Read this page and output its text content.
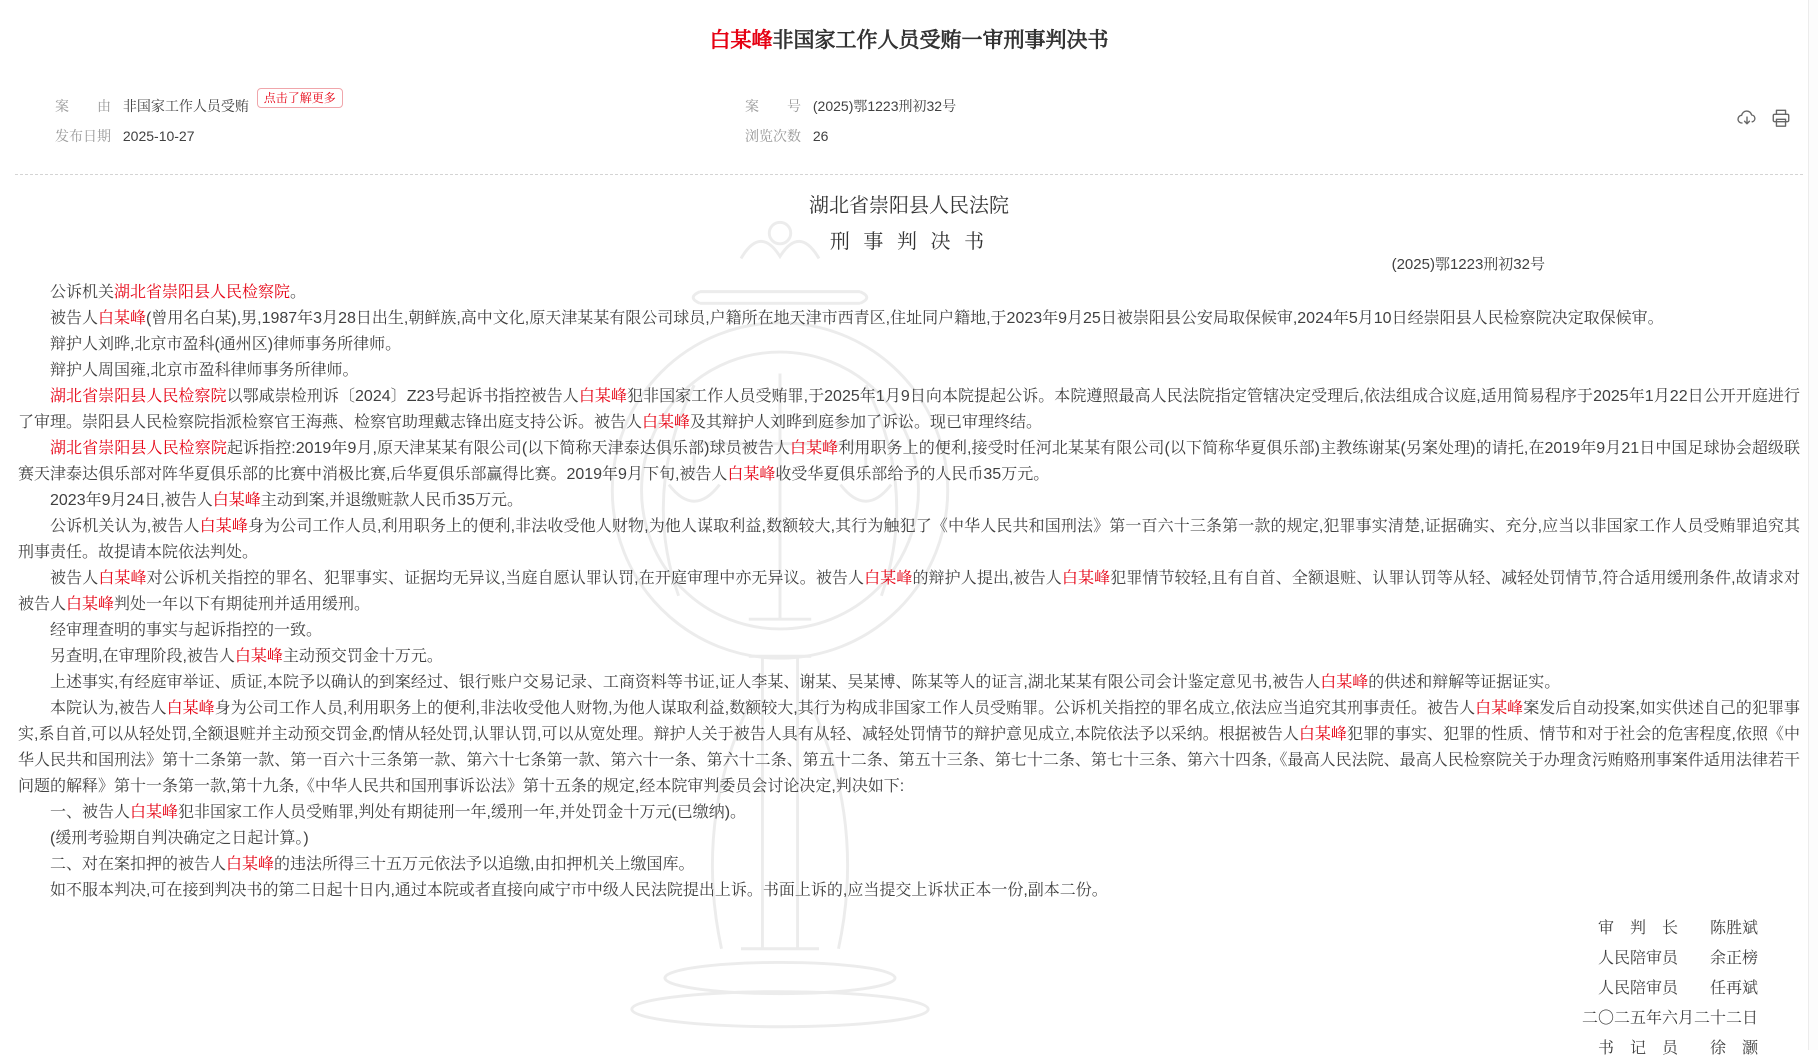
白某峰非国家工作人员受贿一审刑事判决书
案　　由 非国家工作人员受贿 点击了解更多	案　　号 (2025)鄂1223刑初32号
发布日期 2025-10-27	浏览次数 26
湖北省崇阳县人民法院
刑 事 判 决 书
(2025)鄂1223刑初32号

公诉机关湖北省崇阳县人民检察院。

被告人白某峰(曾用名白某),男,1987年3月28日出生,朝鲜族,高中文化,原天津某某有限公司球员,户籍所在地天津市西青区,住址同户籍地,于2023年9月25日被崇阳县公安局取保候审,2024年5月10日经崇阳县人民检察院决定取保候审。

辩护人刘晔,北京市盈科(通州区)律师事务所律师。

辩护人周国雍,北京市盈科律师事务所律师。

湖北省崇阳县人民检察院以鄂咸崇检刑诉〔2024〕Z23号起诉书指控被告人白某峰犯非国家工作人员受贿罪,于2025年1月9日向本院提起公诉。本院遵照最高人民法院指定管辖决定受理后,依法组成合议庭,适用简易程序于2025年1月22日公开开庭进行了审理。崇阳县人民检察院指派检察官王海燕、检察官助理戴志锋出庭支持公诉。被告人白某峰及其辩护人刘晔到庭参加了诉讼。现已审理终结。

湖北省崇阳县人民检察院起诉指控:2019年9月,原天津某某有限公司(以下简称天津泰达俱乐部)球员被告人白某峰利用职务上的便利,接受时任河北某某有限公司(以下简称华夏俱乐部)主教练谢某(另案处理)的请托,在2019年9月21日中国足球协会超级联赛天津泰达俱乐部对阵华夏俱乐部的比赛中消极比赛,后华夏俱乐部赢得比赛。2019年9月下旬,被告人白某峰收受华夏俱乐部给予的人民币35万元。

2023年9月24日,被告人白某峰主动到案,并退缴赃款人民币35万元。

公诉机关认为,被告人白某峰身为公司工作人员,利用职务上的便利,非法收受他人财物,为他人谋取利益,数额较大,其行为触犯了《中华人民共和国刑法》第一百六十三条第一款的规定,犯罪事实清楚,证据确实、充分,应当以非国家工作人员受贿罪追究其刑事责任。故提请本院依法判处。

被告人白某峰对公诉机关指控的罪名、犯罪事实、证据均无异议,当庭自愿认罪认罚,在开庭审理中亦无异议。被告人白某峰的辩护人提出,被告人白某峰犯罪情节较轻,且有自首、全额退赃、认罪认罚等从轻、减轻处罚情节,符合适用缓刑条件,故请求对被告人白某峰判处一年以下有期徒刑并适用缓刑。

经审理查明的事实与起诉指控的一致。

另查明,在审理阶段,被告人白某峰主动预交罚金十万元。

上述事实,有经庭审举证、质证,本院予以确认的到案经过、银行账户交易记录、工商资料等书证,证人李某、谢某、吴某博、陈某等人的证言,湖北某某有限公司会计鉴定意见书,被告人白某峰的供述和辩解等证据证实。

本院认为,被告人白某峰身为公司工作人员,利用职务上的便利,非法收受他人财物,为他人谋取利益,数额较大,其行为构成非国家工作人员受贿罪。公诉机关指控的罪名成立,依法应当追究其刑事责任。被告人白某峰案发后自动投案,如实供述自己的犯罪事实,系自首,可以从轻处罚,全额退赃并主动预交罚金,酌情从轻处罚,认罪认罚,可以从宽处理。辩护人关于被告人具有从轻、减轻处罚情节的辩护意见成立,本院依法予以采纳。根据被告人白某峰犯罪的事实、犯罪的性质、情节和对于社会的危害程度,依照《中华人民共和国刑法》第十二条第一款、第一百六十三条第一款、第六十七条第一款、第六十一条、第六十二条、第五十二条、第五十三条、第七十二条、第七十三条、第六十四条,《最高人民法院、最高人民检察院关于办理贪污贿赂刑事案件适用法律若干问题的解释》第十一条第一款,第十九条,《中华人民共和国刑事诉讼法》第十五条的规定,经本院审判委员会讨论决定,判决如下:

一、被告人白某峰犯非国家工作人员受贿罪,判处有期徒刑一年,缓刑一年,并处罚金十万元(已缴纳)。

(缓刑考验期自判决确定之日起计算。)

二、对在案扣押的被告人白某峰的违法所得三十五万元依法予以追缴,由扣押机关上缴国库。

如不服本判决,可在接到判决书的第二日起十日内,通过本院或者直接向咸宁市中级人民法院提出上诉。书面上诉的,应当提交上诉状正本一份,副本二份。

审　判　长　　陈胜斌
人民陪审员　　余正榜
人民陪审员　　任再斌
二〇二五年六月二十二日
书　记　员　　徐　灏
